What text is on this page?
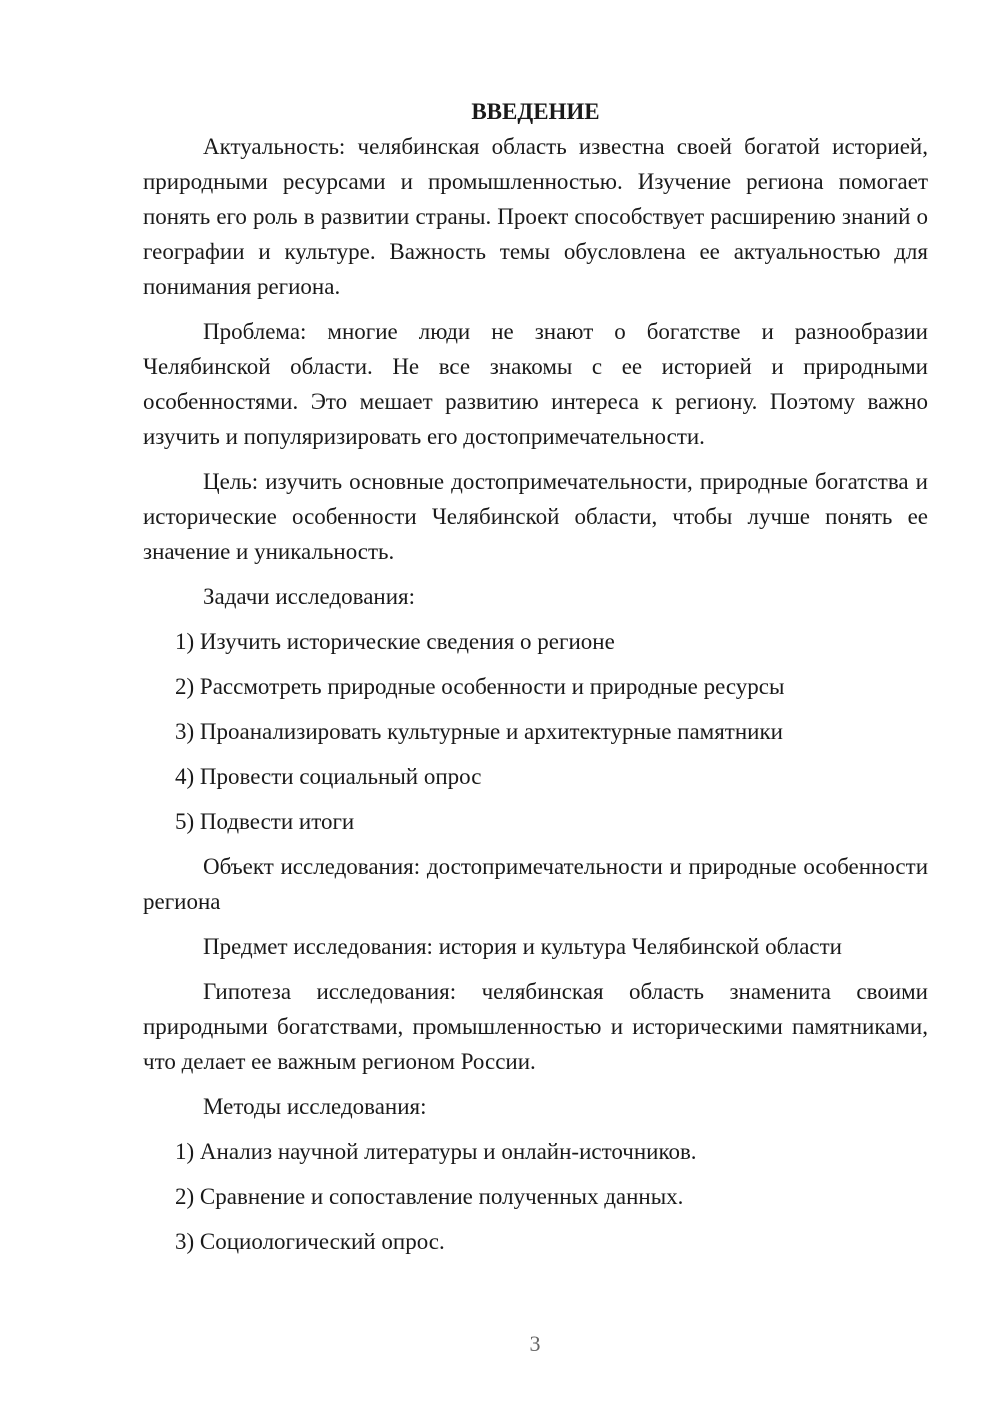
ВВЕДЕНИЕ

Актуальность: челябинская область известна своей богатой историей, природными ресурсами и промышленностью. Изучение региона помогает понять его роль в развитии страны. Проект способствует расширению знаний о географии и культуре. Важность темы обусловлена ее актуальностью для понимания региона.

Проблема: многие люди не знают о богатстве и разнообразии Челябинской области. Не все знакомы с ее историей и природными особенностями. Это мешает развитию интереса к региону. Поэтому важно изучить и популяризировать его достопримечательности.

Цель: изучить основные достопримечательности, природные богатства и исторические особенности Челябинской области, чтобы лучше понять ее значение и уникальность.

Задачи исследования:
1) Изучить исторические сведения о регионе
2) Рассмотреть природные особенности и природные ресурсы
3) Проанализировать культурные и архитектурные памятники
4) Провести социальный опрос
5) Подвести итоги

Объект исследования: достопримечательности и природные особенности региона

Предмет исследования: история и культура Челябинской области

Гипотеза исследования: челябинская область знаменита своими природными богатствами, промышленностью и историческими памятниками, что делает ее важным регионом России.

Методы исследования:
1) Анализ научной литературы и онлайн-источников.
2) Сравнение и сопоставление полученных данных.
3) Социологический опрос.
3
